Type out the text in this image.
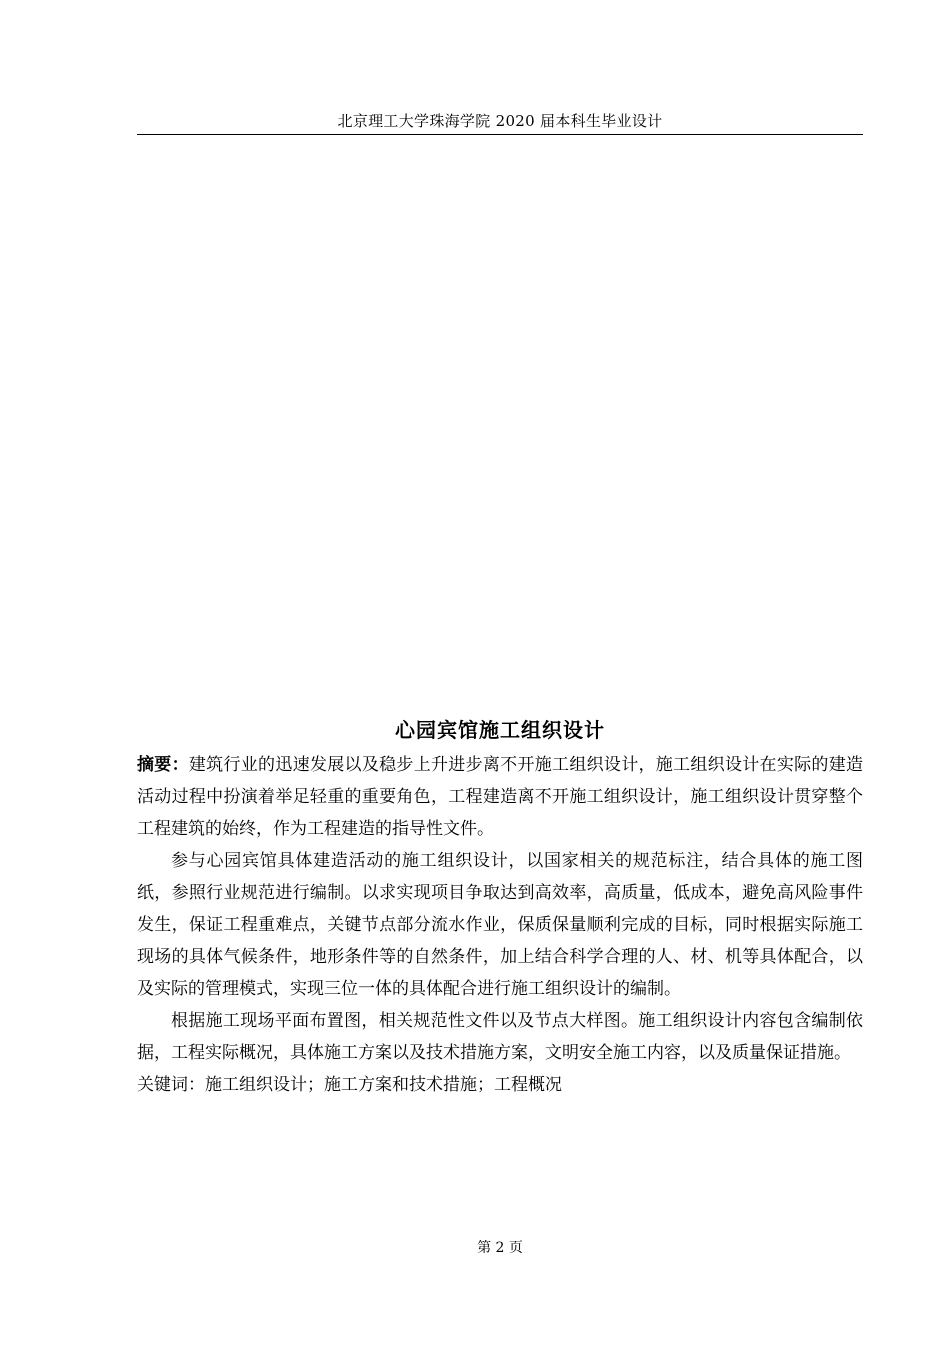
北京理工大学珠海学院 2020 届本科生毕业设计
心园宾馆施工组织设计

摘要：建筑行业的迅速发展以及稳步上升进步离不开施工组织设计，施工组织设计在实际的建造活动过程中扮演着举足轻重的重要角色，工程建造离不开施工组织设计，施工组织设计贯穿整个工程建筑的始终，作为工程建造的指导性文件。

参与心园宾馆具体建造活动的施工组织设计，以国家相关的规范标注，结合具体的施工图纸，参照行业规范进行编制。以求实现项目争取达到高效率，高质量，低成本，避免高风险事件发生，保证工程重难点，关键节点部分流水作业，保质保量顺利完成的目标，同时根据实际施工现场的具体气候条件，地形条件等的自然条件，加上结合科学合理的人、材、机等具体配合，以及实际的管理模式，实现三位一体的具体配合进行施工组织设计的编制。

根据施工现场平面布置图，相关规范性文件以及节点大样图。施工组织设计内容包含编制依据，工程实际概况，具体施工方案以及技术措施方案，文明安全施工内容，以及质量保证措施。

关键词：施工组织设计；施工方案和技术措施；工程概况

第 2 页
